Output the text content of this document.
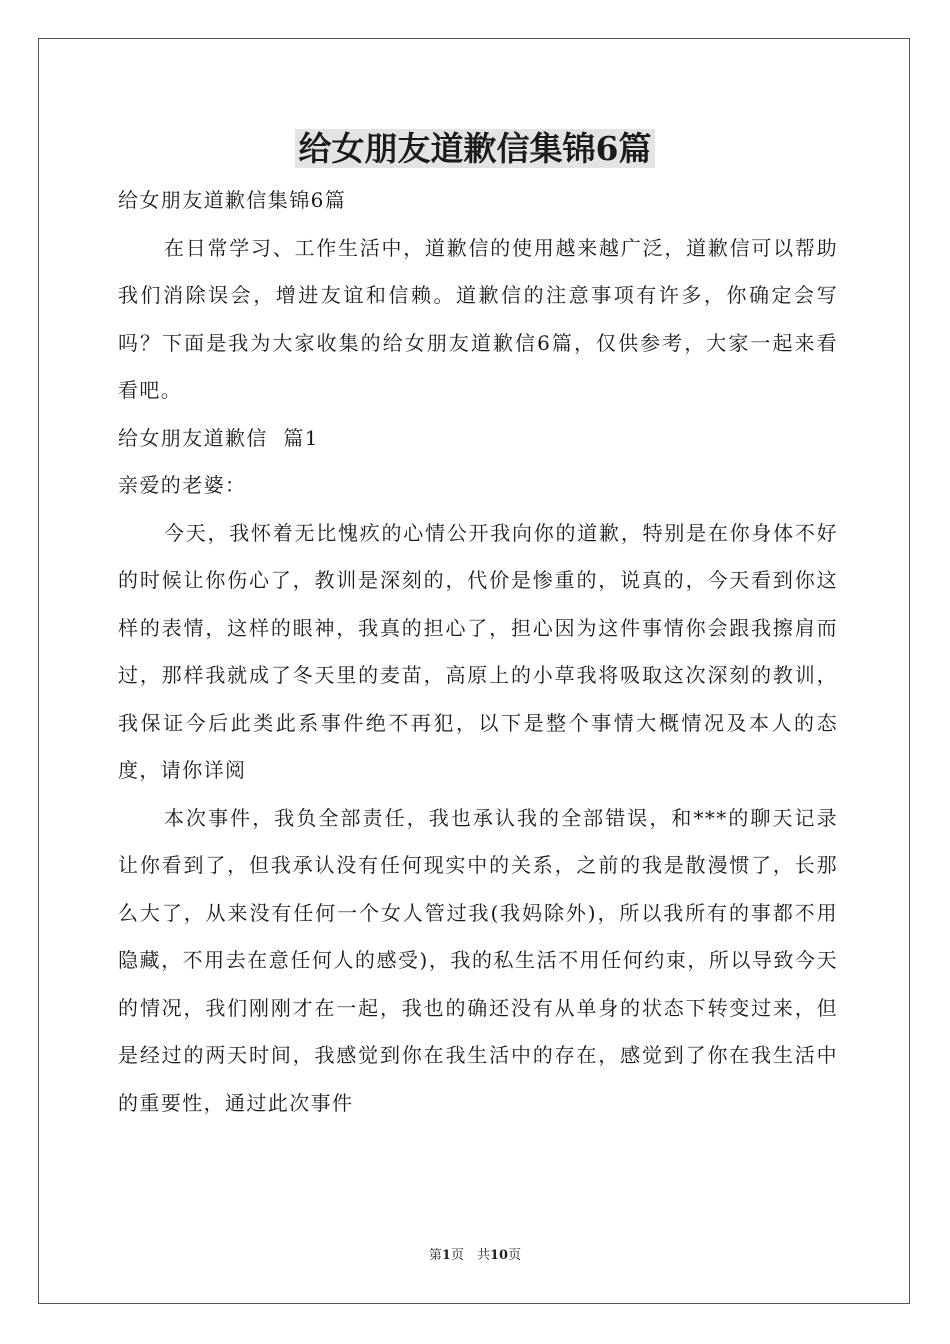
给女朋友道歉信集锦6篇

给女朋友道歉信集锦6篇

在日常学习、工作生活中，道歉信的使用越来越广泛，道歉信可以帮助我们消除误会，增进友谊和信赖。道歉信的注意事项有许多，你确定会写吗？下面是我为大家收集的给女朋友道歉信6篇，仅供参考，大家一起来看看吧。

给女朋友道歉信  篇1

亲爱的老婆：

今天，我怀着无比愧疚的心情公开我向你的道歉，特别是在你身体不好的时候让你伤心了，教训是深刻的，代价是惨重的，说真的，今天看到你这样的表情，这样的眼神，我真的担心了，担心因为这件事情你会跟我擦肩而过，那样我就成了冬天里的麦苗，高原上的小草我将吸取这次深刻的教训，我保证今后此类此系事件绝不再犯，以下是整个事情大概情况及本人的态度，请你详阅

本次事件，我负全部责任，我也承认我的全部错误，和***的聊天记录让你看到了，但我承认没有任何现实中的关系，之前的我是散漫惯了，长那么大了，从来没有任何一个女人管过我(我妈除外)，所以我所有的事都不用隐藏，不用去在意任何人的感受)，我的私生活不用任何约束，所以导致今天的情况，我们刚刚才在一起，我也的确还没有从单身的状态下转变过来，但是经过的两天时间，我感觉到你在我生活中的存在，感觉到了你在我生活中的重要性，通过此次事件

第1页　共10页
